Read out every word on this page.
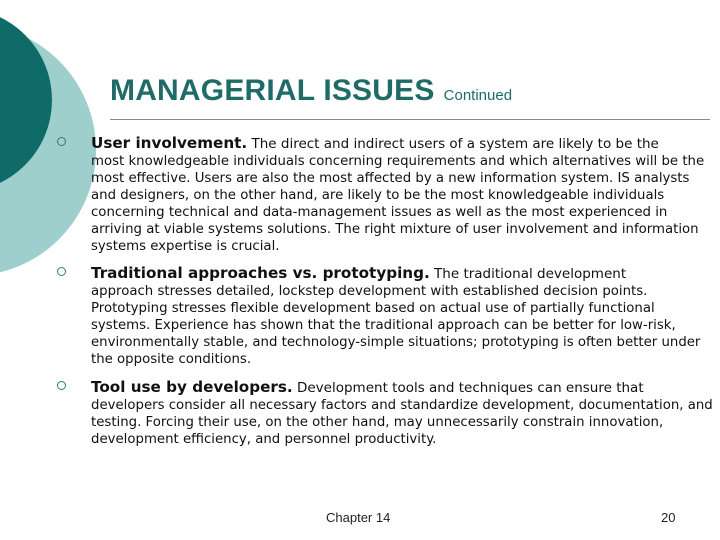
MANAGERIAL ISSUES Continued
User involvement. The direct and indirect users of a system are likely to be the
most knowledgeable individuals concerning requirements and which alternatives will be the most effective. Users are also the most affected by a new information system. IS analysts and designers, on the other hand, are likely to be the most knowledgeable individuals concerning technical and data-management issues as well as the most experienced in arriving at viable systems solutions. The right mixture of user involvement and information systems expertise is crucial.
Traditional approaches vs. prototyping. The traditional development
approach stresses detailed, lockstep development with established decision points. Prototyping stresses flexible development based on actual use of partially functional systems. Experience has shown that the traditional approach can be better for low-risk, environmentally stable, and technology-simple situations; prototyping is often better under the opposite conditions.
Tool use by developers. Development tools and techniques can ensure that
developers consider all necessary factors and standardize development, documentation, and testing. Forcing their use, on the other hand, may unnecessarily constrain innovation, development efficiency, and personnel productivity.
Chapter 14	20
